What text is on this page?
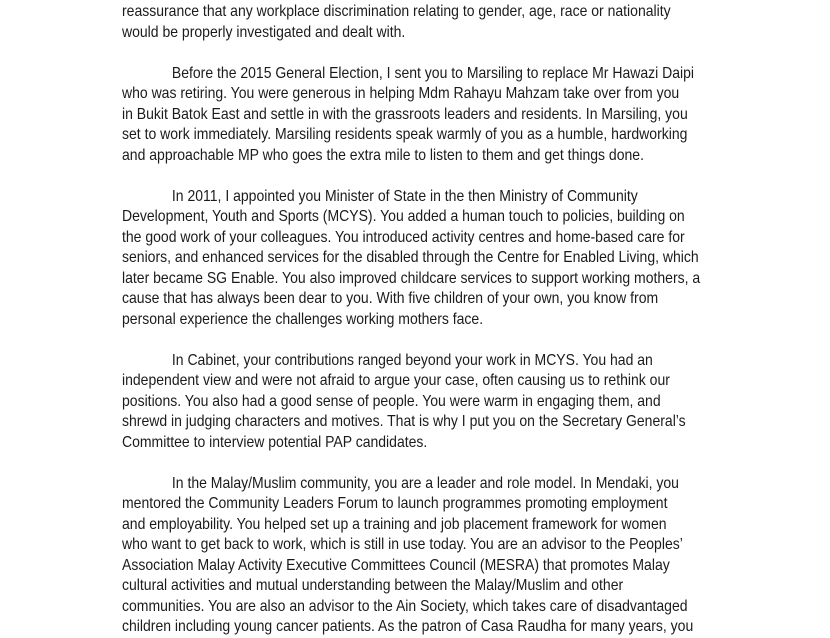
reassurance that any workplace discrimination relating to gender, age, race or nationality
would be properly investigated and dealt with.
Before the 2015 General Election, I sent you to Marsiling to replace Mr Hawazi Daipi
who was retiring. You were generous in helping Mdm Rahayu Mahzam take over from you
in Bukit Batok East and settle in with the grassroots leaders and residents. In Marsiling, you
set to work immediately. Marsiling residents speak warmly of you as a humble, hardworking
and approachable MP who goes the extra mile to listen to them and get things done.
In 2011, I appointed you Minister of State in the then Ministry of Community
Development, Youth and Sports (MCYS). You added a human touch to policies, building on
the good work of your colleagues. You introduced activity centres and home-based care for
seniors, and enhanced services for the disabled through the Centre for Enabled Living, which
later became SG Enable. You also improved childcare services to support working mothers, a
cause that has always been dear to you. With five children of your own, you know from
personal experience the challenges working mothers face.
In Cabinet, your contributions ranged beyond your work in MCYS. You had an
independent view and were not afraid to argue your case, often causing us to rethink our
positions. You also had a good sense of people. You were warm in engaging them, and
shrewd in judging characters and motives. That is why I put you on the Secretary General’s
Committee to interview potential PAP candidates.
In the Malay/Muslim community, you are a leader and role model. In Mendaki, you
mentored the Community Leaders Forum to launch programmes promoting employment
and employability. You helped set up a training and job placement framework for women
who want to get back to work, which is still in use today. You are an advisor to the Peoples’
Association Malay Activity Executive Committees Council (MESRA) that promotes Malay
cultural activities and mutual understanding between the Malay/Muslim and other
communities. You are also an advisor to the Ain Society, which takes care of disadvantaged
children including young cancer patients. As the patron of Casa Raudha for many years, you
